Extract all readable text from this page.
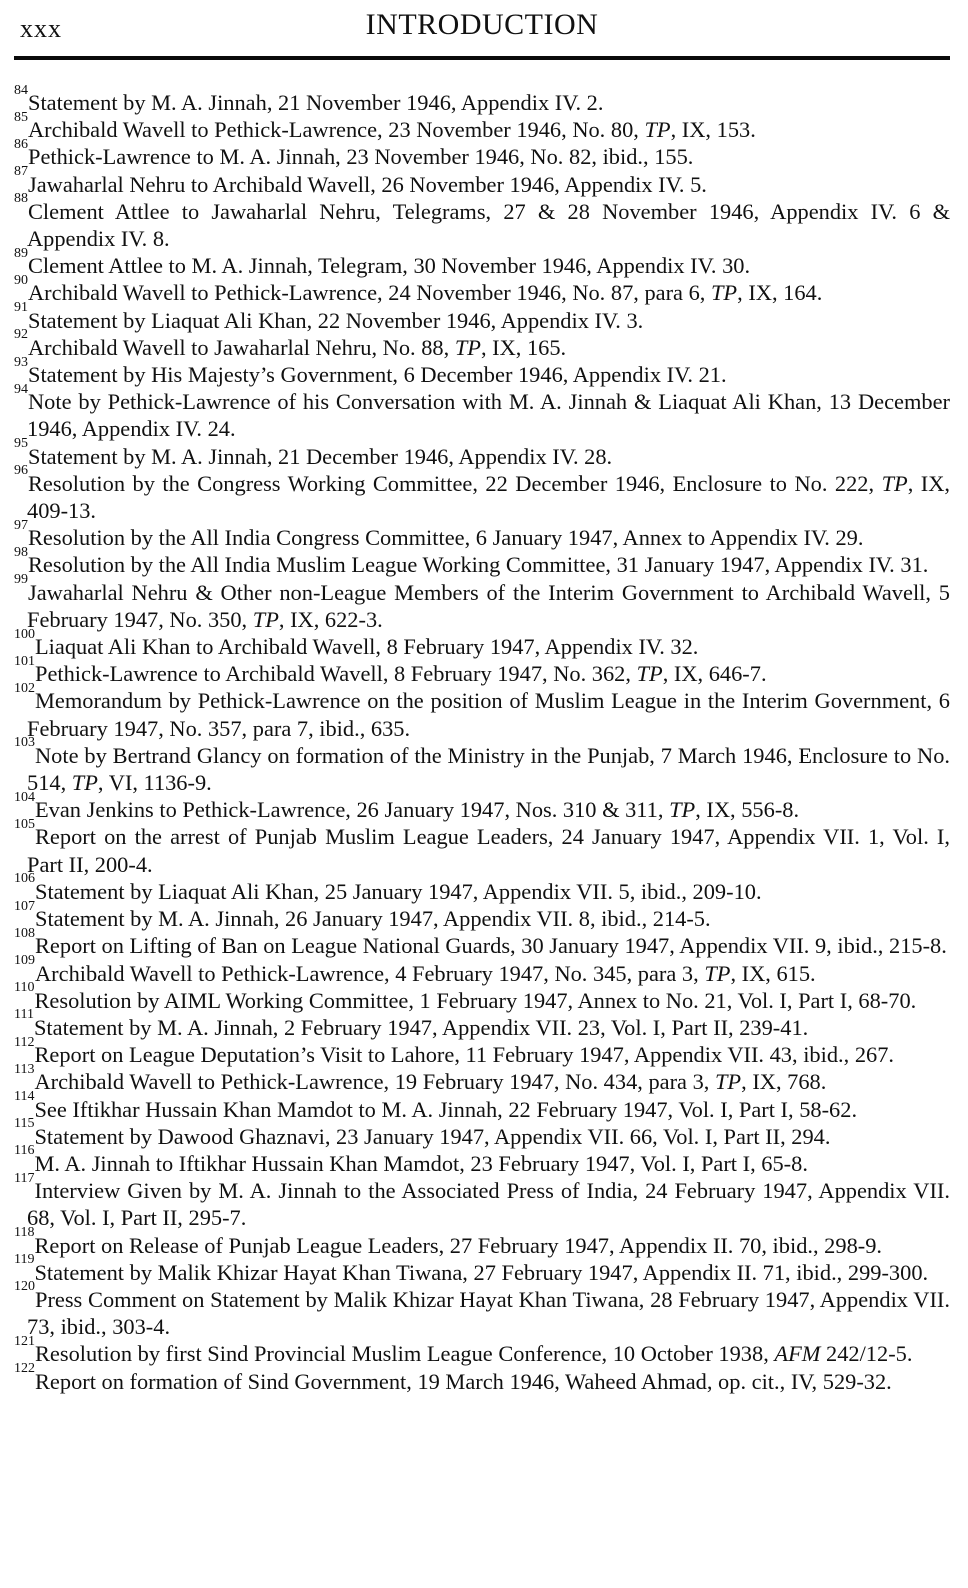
xxx	INTRODUCTION

$^{84}$Statement by M. A. Jinnah, 21 November 1946, Appendix IV. 2.

$^{85}$Archibald Wavell to Pethick-Lawrence, 23 November 1946, No. 80, TP, IX, 153.

$^{86}$Pethick-Lawrence to M. A. Jinnah, 23 November 1946, No. 82, ibid., 155.

$^{87}$Jawaharlal Nehru to Archibald Wavell, 26 November 1946, Appendix IV. 5.

$^{88}$Clement Attlee to Jawaharlal Nehru, Telegrams, 27 & 28 November 1946, Appendix IV. 6 & Appendix IV. 8.

$^{89}$Clement Attlee to M. A. Jinnah, Telegram, 30 November 1946, Appendix IV. 30.

$^{90}$Archibald Wavell to Pethick-Lawrence, 24 November 1946, No. 87, para 6, TP, IX, 164.

$^{91}$Statement by Liaquat Ali Khan, 22 November 1946, Appendix IV. 3.

$^{92}$Archibald Wavell to Jawaharlal Nehru, No. 88, TP, IX, 165.

$^{93}$Statement by His Majesty’s Government, 6 December 1946, Appendix IV. 21.

$^{94}$Note by Pethick-Lawrence of his Conversation with M. A. Jinnah & Liaquat Ali Khan, 13 December 1946, Appendix IV. 24.

$^{95}$Statement by M. A. Jinnah, 21 December 1946, Appendix IV. 28.

$^{96}$Resolution by the Congress Working Committee, 22 December 1946, Enclosure to No. 222, TP, IX, 409-13.

$^{97}$Resolution by the All India Congress Committee, 6 January 1947, Annex to Appendix IV. 29.

$^{98}$Resolution by the All India Muslim League Working Committee, 31 January 1947, Appendix IV. 31.

$^{99}$Jawaharlal Nehru & Other non-League Members of the Interim Government to Archibald Wavell, 5 February 1947, No. 350, TP, IX, 622-3.

$^{100}$Liaquat Ali Khan to Archibald Wavell, 8 February 1947, Appendix IV. 32.

$^{101}$Pethick-Lawrence to Archibald Wavell, 8 February 1947, No. 362, TP, IX, 646-7.

$^{102}$Memorandum by Pethick-Lawrence on the position of Muslim League in the Interim Government, 6 February 1947, No. 357, para 7, ibid., 635.

$^{103}$Note by Bertrand Glancy on formation of the Ministry in the Punjab, 7 March 1946, Enclosure to No. 514, TP, VI, 1136-9.

$^{104}$Evan Jenkins to Pethick-Lawrence, 26 January 1947, Nos. 310 & 311, TP, IX, 556-8.

$^{105}$Report on the arrest of Punjab Muslim League Leaders, 24 January 1947, Appendix VII. 1, Vol. I, Part II, 200-4.

$^{106}$Statement by Liaquat Ali Khan, 25 January 1947, Appendix VII. 5, ibid., 209-10.

$^{107}$Statement by M. A. Jinnah, 26 January 1947, Appendix VII. 8, ibid., 214-5.

$^{108}$Report on Lifting of Ban on League National Guards, 30 January 1947, Appendix VII. 9, ibid., 215-8.

$^{109}$Archibald Wavell to Pethick-Lawrence, 4 February 1947, No. 345, para 3, TP, IX, 615.

$^{110}$Resolution by AIML Working Committee, 1 February 1947, Annex to No. 21, Vol. I, Part I, 68-70.

$^{111}$Statement by M. A. Jinnah, 2 February 1947, Appendix VII. 23, Vol. I, Part II, 239-41.

$^{112}$Report on League Deputation’s Visit to Lahore, 11 February 1947, Appendix VII. 43, ibid., 267.

$^{113}$Archibald Wavell to Pethick-Lawrence, 19 February 1947, No. 434, para 3, TP, IX, 768.

$^{114}$See Iftikhar Hussain Khan Mamdot to M. A. Jinnah, 22 February 1947, Vol. I, Part I, 58-62.

$^{115}$Statement by Dawood Ghaznavi, 23 January 1947, Appendix VII. 66, Vol. I, Part II, 294.

$^{116}$M. A. Jinnah to Iftikhar Hussain Khan Mamdot, 23 February 1947, Vol. I, Part I, 65-8.

$^{117}$Interview Given by M. A. Jinnah to the Associated Press of India, 24 February 1947, Appendix VII. 68, Vol. I, Part II, 295-7.

$^{118}$Report on Release of Punjab League Leaders, 27 February 1947, Appendix II. 70, ibid., 298-9.

$^{119}$Statement by Malik Khizar Hayat Khan Tiwana, 27 February 1947, Appendix II. 71, ibid., 299-300.

$^{120}$Press Comment on Statement by Malik Khizar Hayat Khan Tiwana, 28 February 1947, Appendix VII. 73, ibid., 303-4.

$^{121}$Resolution by first Sind Provincial Muslim League Conference, 10 October 1938, AFM 242/12-5.

$^{122}$Report on formation of Sind Government, 19 March 1946, Waheed Ahmad, op. cit., IV, 529-32.
